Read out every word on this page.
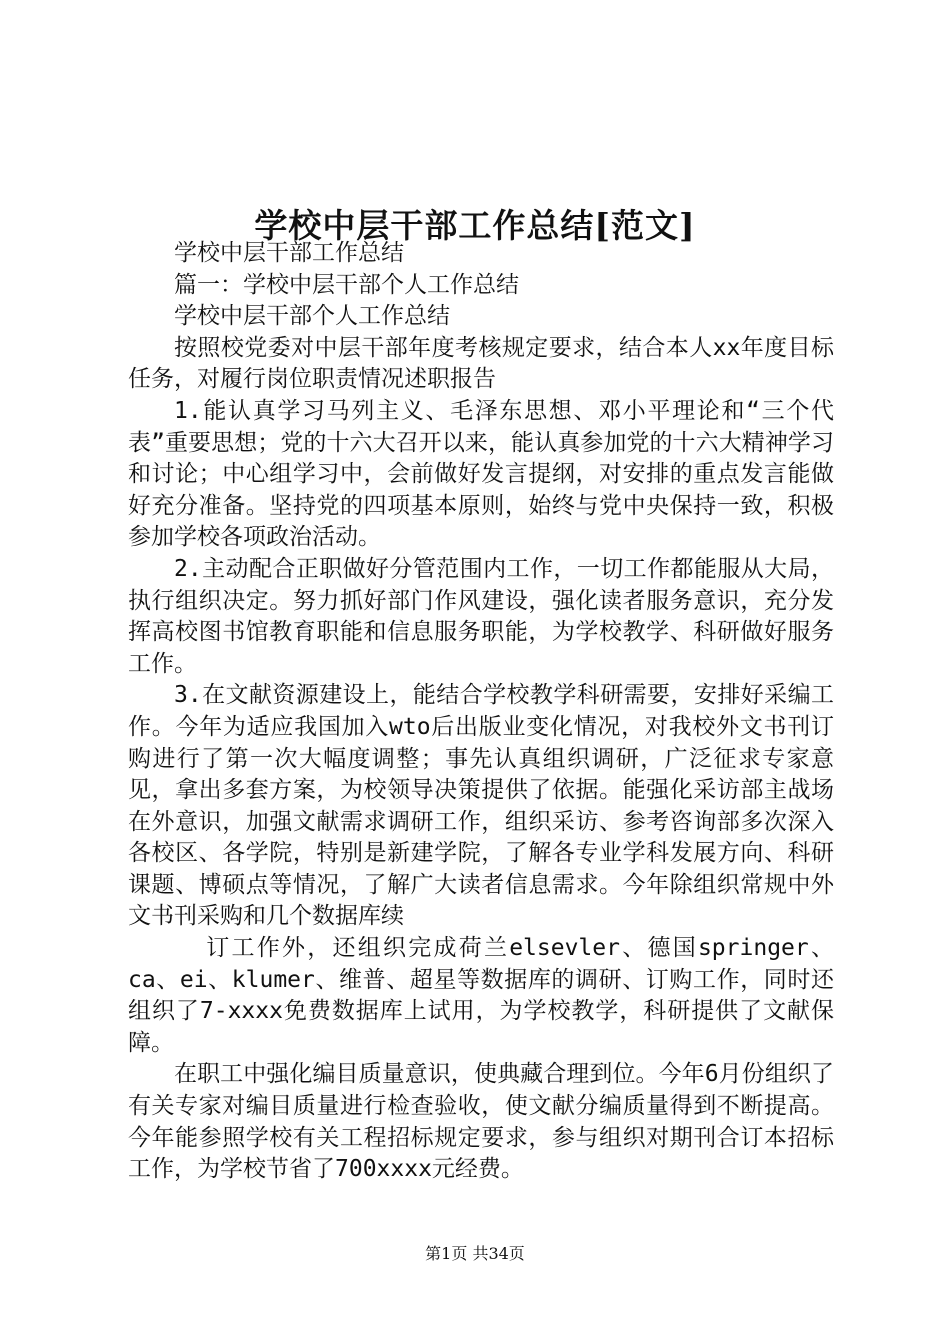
学校中层干部工作总结[范文]

学校中层干部工作总结

篇一：学校中层干部个人工作总结

学校中层干部个人工作总结

按照校党委对中层干部年度考核规定要求，结合本人xx年度目标任务，对履行岗位职责情况述职报告

1.能认真学习马列主义、毛泽东思想、邓小平理论和“三个代表”重要思想；党的十六大召开以来，能认真参加党的十六大精神学习和讨论；中心组学习中，会前做好发言提纲，对安排的重点发言能做好充分准备。坚持党的四项基本原则，始终与党中央保持一致，积极参加学校各项政治活动。

2.主动配合正职做好分管范围内工作，一切工作都能服从大局，执行组织决定。努力抓好部门作风建设，强化读者服务意识，充分发挥高校图书馆教育职能和信息服务职能，为学校教学、科研做好服务工作。

3.在文献资源建设上，能结合学校教学科研需要，安排好采编工作。今年为适应我国加入wto后出版业变化情况，对我校外文书刊订购进行了第一次大幅度调整；事先认真组织调研，广泛征求专家意见，拿出多套方案，为校领导决策提供了依据。能强化采访部主战场在外意识，加强文献需求调研工作，组织采访、参考咨询部多次深入各校区、各学院，特别是新建学院，了解各专业学科发展方向、科研课题、博硕点等情况，了解广大读者信息需求。今年除组织常规中外文书刊采购和几个数据库续

订工作外，还组织完成荷兰elsevler、德国springer、ca、ei、klumer、维普、超星等数据库的调研、订购工作，同时还组织了7-xxxx免费数据库上试用，为学校教学，科研提供了文献保障。

在职工中强化编目质量意识，使典藏合理到位。今年6月份组织了有关专家对编目质量进行检查验收，使文献分编质量得到不断提高。今年能参照学校有关工程招标规定要求，参与组织对期刊合订本招标工作，为学校节省了700xxxx元经费。

第1页 共34页
